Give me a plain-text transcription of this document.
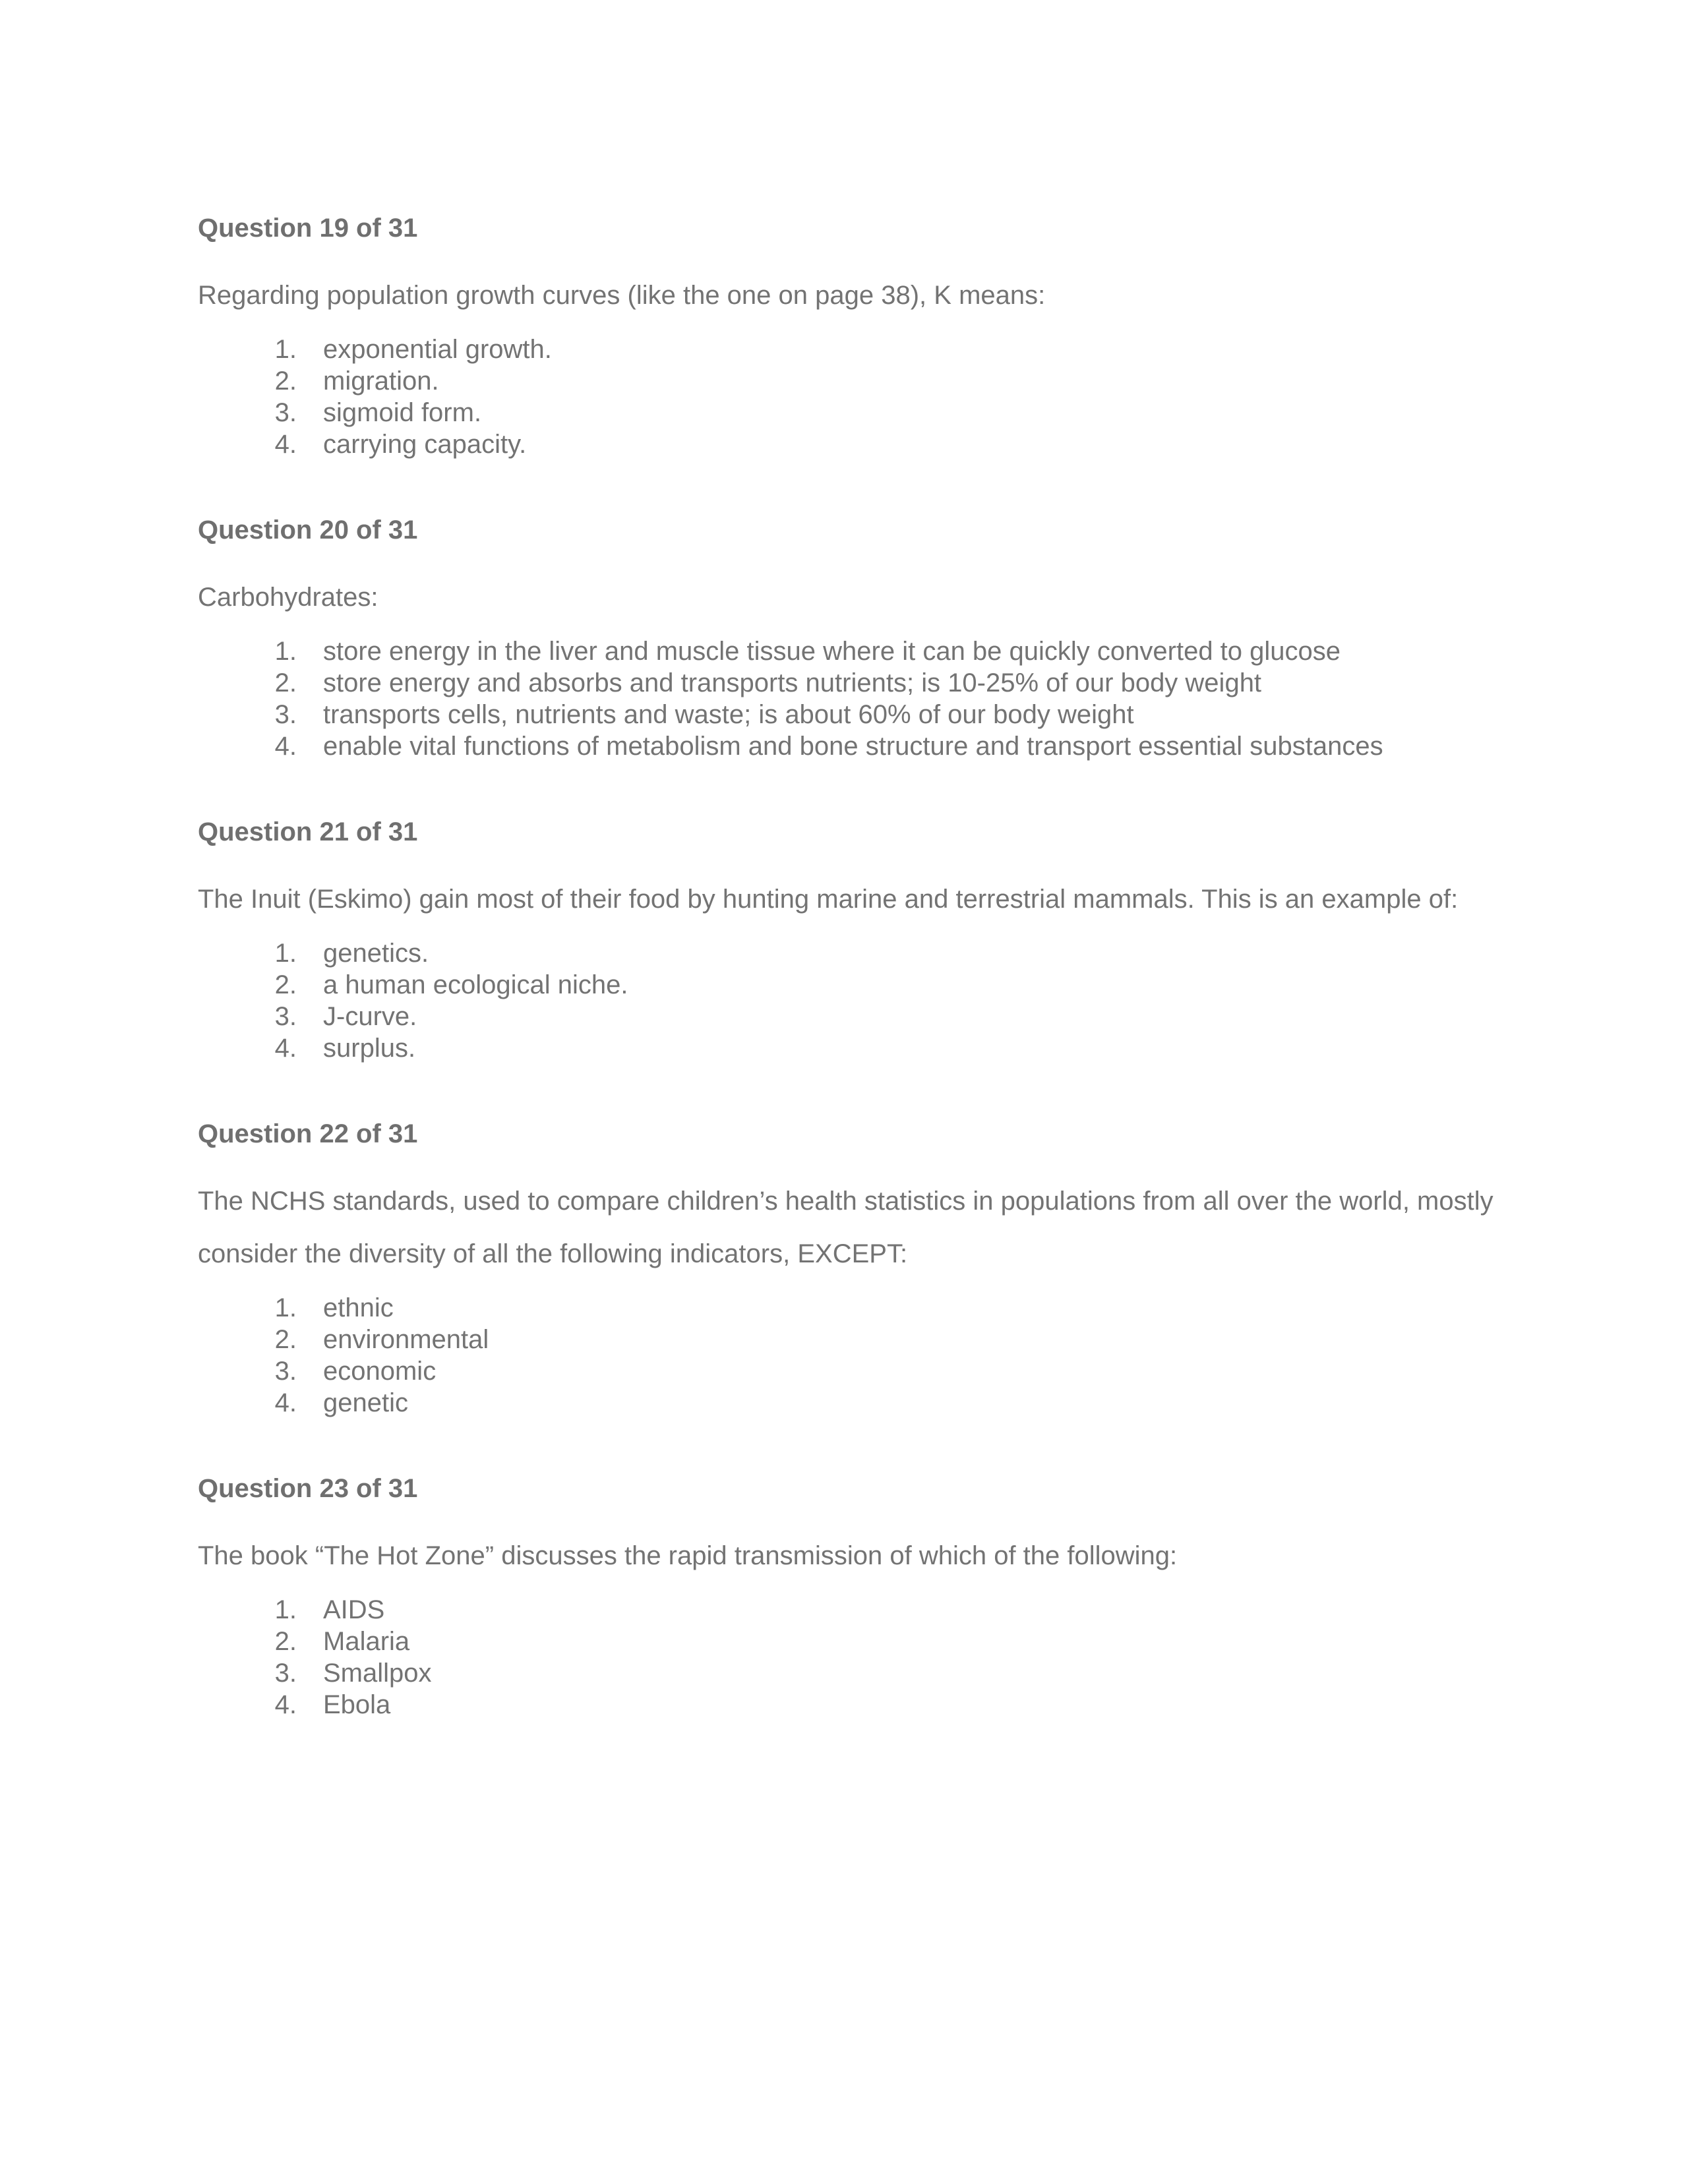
Question 19 of 31
Regarding population growth curves (like the one on page 38), K means:
1. exponential growth.
2. migration.
3. sigmoid form.
4. carrying capacity.
Question 20 of 31
Carbohydrates:
1. store energy in the liver and muscle tissue where it can be quickly converted to glucose
2. store energy and absorbs and transports nutrients; is 10-25% of our body weight
3. transports cells, nutrients and waste; is about 60% of our body weight
4. enable vital functions of metabolism and bone structure and transport essential substances
Question 21 of 31
The Inuit (Eskimo) gain most of their food by hunting marine and terrestrial mammals. This is an example of:
1. genetics.
2. a human ecological niche.
3. J-curve.
4. surplus.
Question 22 of 31
The NCHS standards, used to compare children’s health statistics in populations from all over the world, mostly consider the diversity of all the following indicators, EXCEPT:
1. ethnic
2. environmental
3. economic
4. genetic
Question 23 of 31
The book “The Hot Zone” discusses the rapid transmission of which of the following:
1. AIDS
2. Malaria
3. Smallpox
4. Ebola
